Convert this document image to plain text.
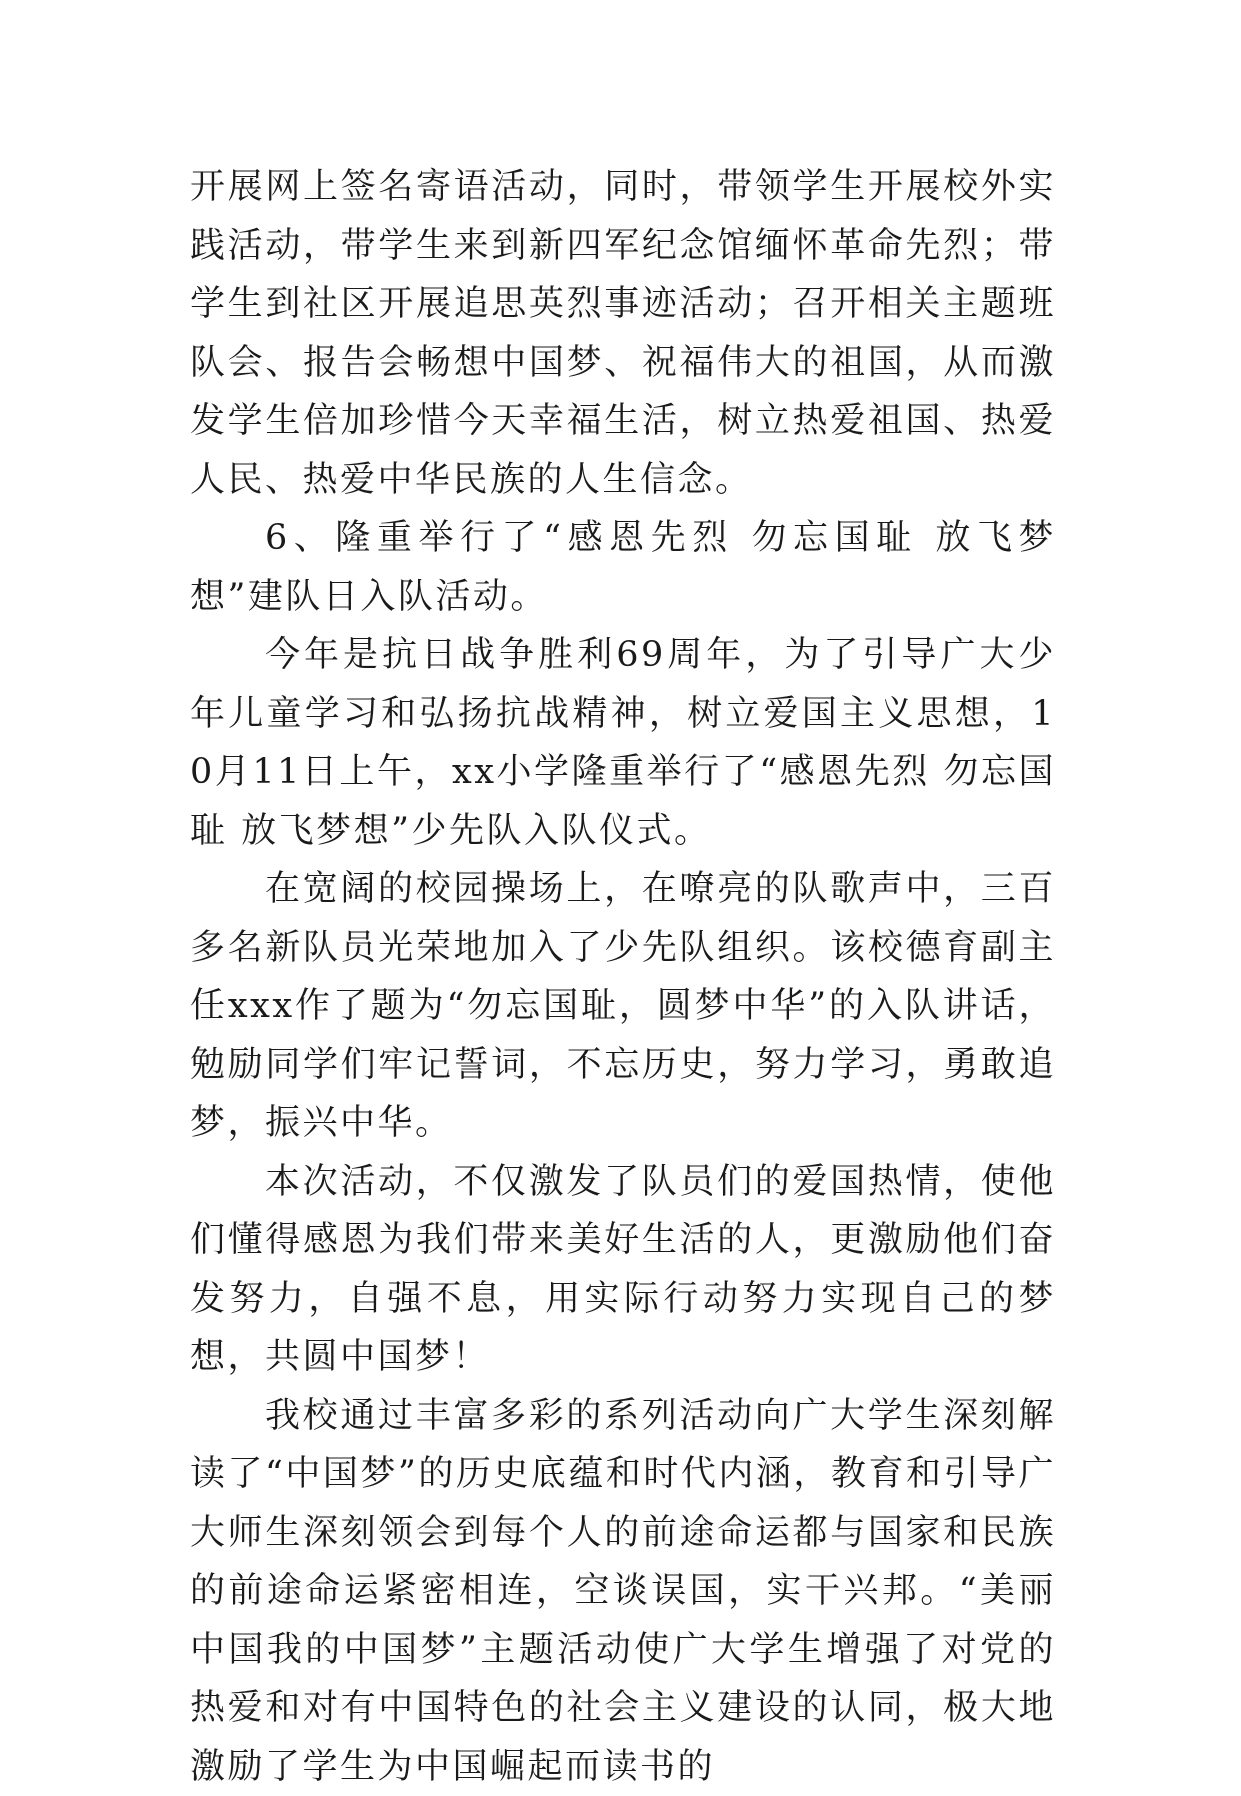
开展网上签名寄语活动，同时，带领学生开展校外实践活动，带学生来到新四军纪念馆缅怀革命先烈；带学生到社区开展追思英烈事迹活动；召开相关主题班队会、报告会畅想中国梦、祝福伟大的祖国，从而激发学生倍加珍惜今天幸福生活，树立热爱祖国、热爱人民、热爱中华民族的人生信念。

6、隆重举行了“感恩先烈 勿忘国耻 放飞梦想”建队日入队活动。

今年是抗日战争胜利69周年，为了引导广大少年儿童学习和弘扬抗战精神，树立爱国主义思想，10月11日上午，xx小学隆重举行了“感恩先烈 勿忘国耻 放飞梦想”少先队入队仪式。

在宽阔的校园操场上，在嘹亮的队歌声中，三百多名新队员光荣地加入了少先队组织。该校德育副主任xxx作了题为“勿忘国耻，圆梦中华”的入队讲话，勉励同学们牢记誓词，不忘历史，努力学习，勇敢追梦，振兴中华。

本次活动，不仅激发了队员们的爱国热情，使他们懂得感恩为我们带来美好生活的人，更激励他们奋发努力，自强不息，用实际行动努力实现自己的梦想，共圆中国梦！

我校通过丰富多彩的系列活动向广大学生深刻解读了“中国梦”的历史底蕴和时代内涵，教育和引导广大师生深刻领会到每个人的前途命运都与国家和民族的前途命运紧密相连，空谈误国，实干兴邦。“美丽中国我的中国梦”主题活动使广大学生增强了对党的热爱和对有中国特色的社会主义建设的认同，极大地激励了学生为中国崛起而读书的
